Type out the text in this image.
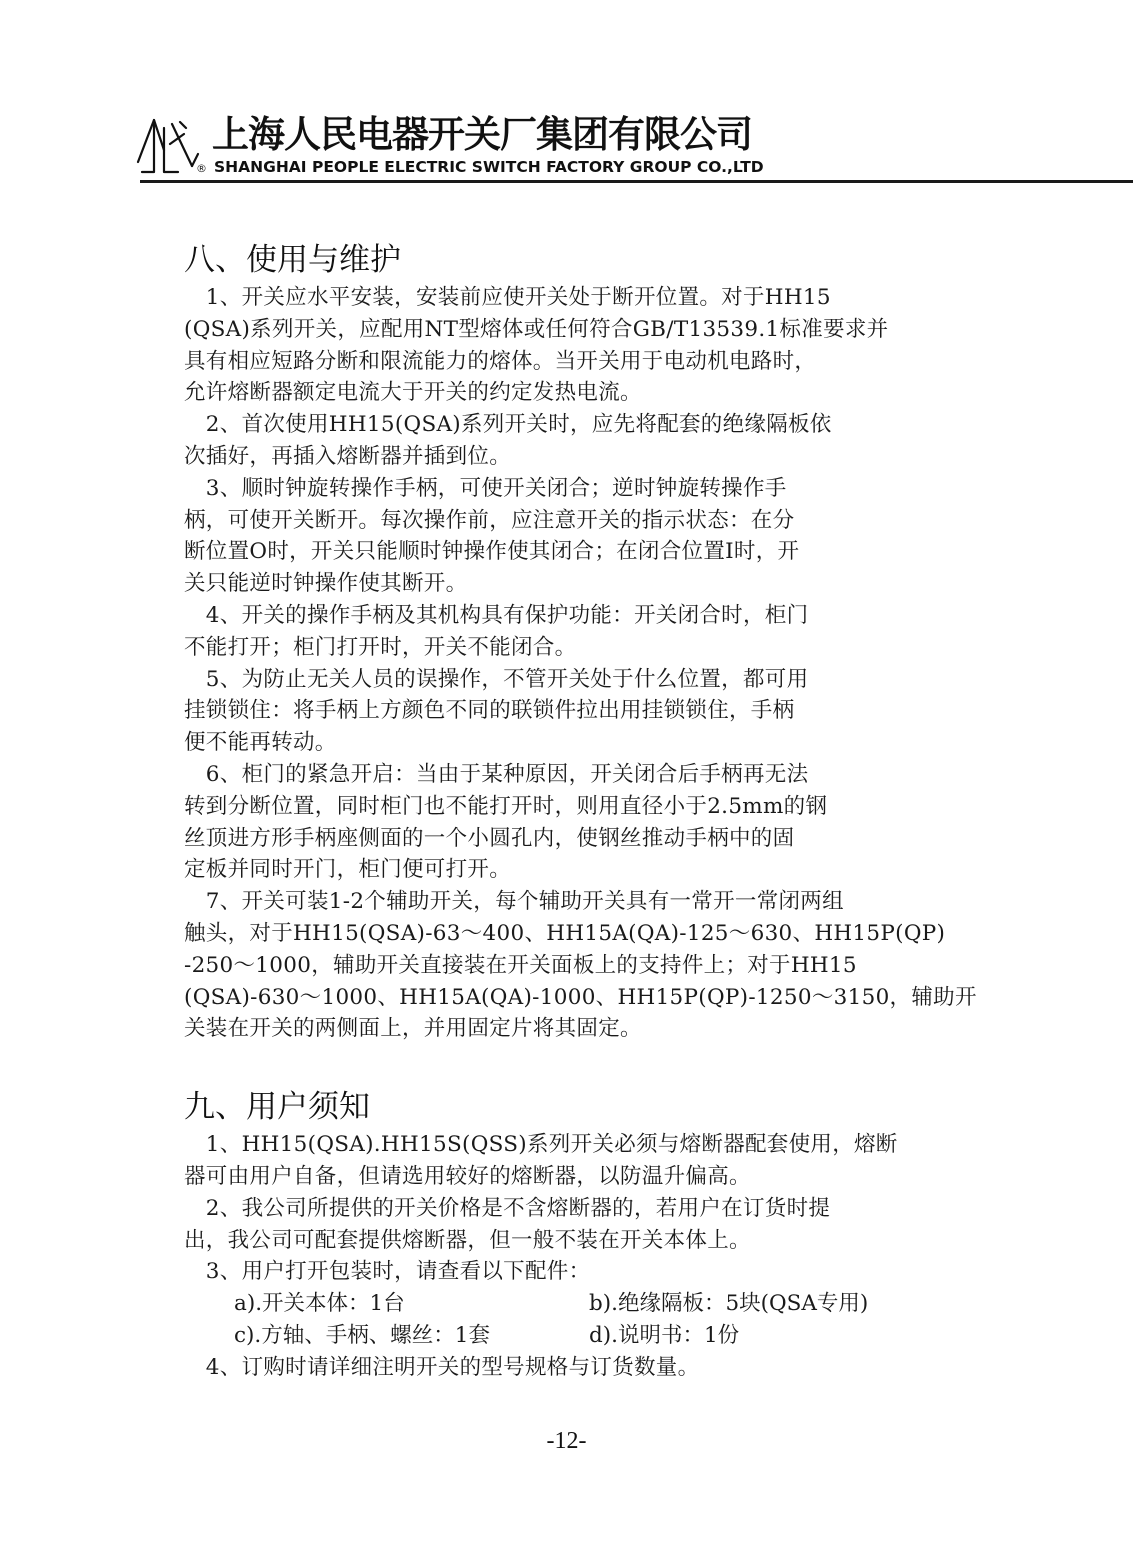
®
上海人民电器开关厂集团有限公司
SHANGHAI PEOPLE ELECTRIC SWITCH FACTORY GROUP CO.,LTD
八、使用与维护

　1、开关应水平安装，安装前应使开关处于断开位置。对于HH15
(QSA)系列开关，应配用NT型熔体或任何符合GB/T13539.1标准要求并
具有相应短路分断和限流能力的熔体。当开关用于电动机电路时，
允许熔断器额定电流大于开关的约定发热电流。

　2、首次使用HH15(QSA)系列开关时，应先将配套的绝缘隔板依
次插好，再插入熔断器并插到位。

　3、顺时钟旋转操作手柄，可使开关闭合；逆时钟旋转操作手
柄，可使开关断开。每次操作前，应注意开关的指示状态：在分
断位置O时，开关只能顺时钟操作使其闭合；在闭合位置I时，开
关只能逆时钟操作使其断开。

　4、开关的操作手柄及其机构具有保护功能：开关闭合时，柜门
不能打开；柜门打开时，开关不能闭合。

　5、为防止无关人员的误操作，不管开关处于什么位置，都可用
挂锁锁住：将手柄上方颜色不同的联锁件拉出用挂锁锁住，手柄
便不能再转动。

　6、柜门的紧急开启：当由于某种原因，开关闭合后手柄再无法
转到分断位置，同时柜门也不能打开时，则用直径小于2.5mm的钢
丝顶进方形手柄座侧面的一个小圆孔内，使钢丝推动手柄中的固
定板并同时开门，柜门便可打开。

　7、开关可装1-2个辅助开关，每个辅助开关具有一常开一常闭两组
触头，对于HH15(QSA)-63～400、HH15A(QA)-125～630、HH15P(QP)
-250～1000，辅助开关直接装在开关面板上的支持件上；对于HH15
(QSA)-630～1000、HH15A(QA)-1000、HH15P(QP)-1250～3150，辅助开
关装在开关的两侧面上，并用固定片将其固定。

九、用户须知

　1、HH15(QSA).HH15S(QSS)系列开关必须与熔断器配套使用，熔断
器可由用户自备，但请选用较好的熔断器，以防温升偏高。

　2、我公司所提供的开关价格是不含熔断器的，若用户在订货时提
出，我公司可配套提供熔断器，但一般不装在开关本体上。

　3、用户打开包装时，请查看以下配件：

a).开关本体：1台	b).绝缘隔板：5块(QSA专用)
c).方轴、手柄、螺丝：1套	d).说明书：1份

　4、订购时请详细注明开关的型号规格与订货数量。

-12-
